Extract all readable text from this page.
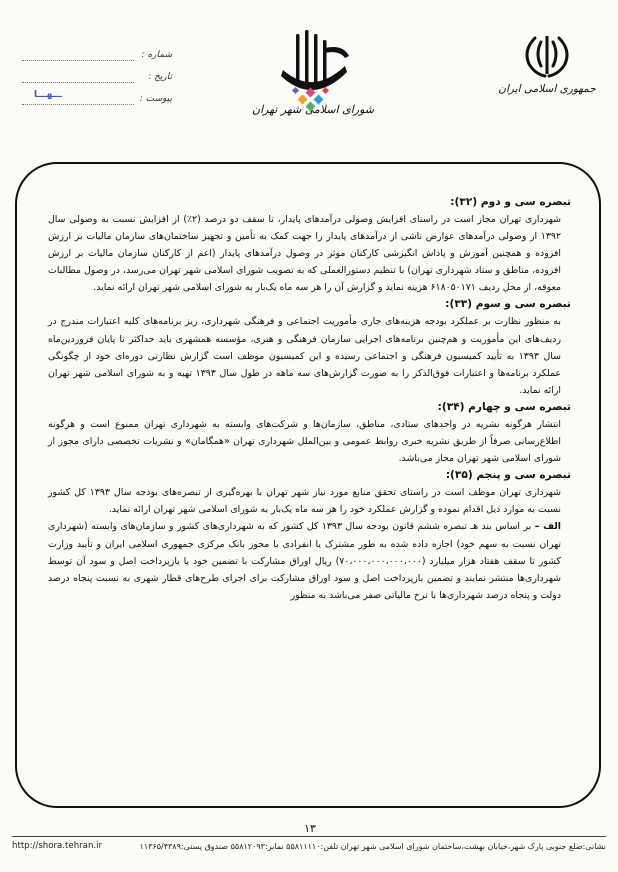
شماره :
تاریخ :
پیوست :
ـــهـــا
شورای اسلامی شهر تهران
جمهوری اسلامی ایران
تبصره سی و دوم (۳۲):

شهرداری تهران مجاز است در راستای افزایش وصولی درآمدهای پایدار، تا سقف دو درصد (۲٪) از افزایش نسبت به وصولی سال ۱۳۹۲ از وصولی درآمدهای عوارض ناشی از درآمدهای پایدار را جهت کمک به تأمین و تجهیز ساختمان‌های سازمان مالیات بر ارزش افزوده و همچنین آموزش و پاداش انگیزشی کارکنان موثر در وصول درآمدهای پایدار (اعم از کارکنان سازمان مالیات بر ارزش افزوده، مناطق و ستاد شهرداری تهران) با تنظیم دستورالعملی که به تصویب شورای اسلامی شهر تهران می‌رسد، در وصول مطالبات معوقه، از محل ردیف ۶۱۸۰۵۰۱۷۱ هزینه نماید و گزارش آن را هر سه ماه یک‌بار به شورای اسلامی شهر تهران ارائه نماید.

تبصره سی و سوم (۳۳):

به منظور نظارت بر عملکرد بودجه هزینه‌های جاری مأموریت اجتماعی و فرهنگی شهرداری، ریز برنامه‌های کلیه اعتبارات مندرج در ردیف‌های این مأموریت و هم‌چنین برنامه‌های اجرایی سازمان فرهنگی و هنری، مؤسسه همشهری باید حداکثر تا پایان فروردین‌ماه سال ۱۳۹۳ به تأیید کمیسیون فرهنگی و اجتماعی رسیده و این کمیسیون موظف است گزارش نظارتی دوره‌ای خود از چگونگی عملکرد برنامه‌ها و اعتبارات فوق‌الذکر را به صورت گزارش‌های سه ماهه در طول سال ۱۳۹۳ تهیه و به شورای اسلامی شهر تهران ارائه نماید.

تبصره سی و چهارم (۳۴):

انتشار هرگونه نشریه در واحدهای ستادی، مناطق، سازمان‌ها و شرکت‌های وابسته به شهرداری تهران ممنوع است و هرگونه اطلاع‌رسانی صرفاً از طریق نشریه خبری روابط عمومی و بین‌الملل شهرداری تهران «همگامان» و نشریات تخصصی دارای مجوز از شورای اسلامی شهر تهران مجاز می‌باشد.

تبصره سی و پنجم (۳۵):

شهرداری تهران موظف است در راستای تحقق منابع مورد نیاز شهر تهران با بهره‌گیری از تبصره‌های بودجه سال ۱۳۹۳ کل کشور نسبت به موارد ذیل اقدام نموده و گزارش عملکرد خود را هر سه ماه یک‌بار به شورای اسلامی شهر تهران ارائه نماید.

الف – بر اساس بند هـ تبصره ششم قانون بودجه سال ۱۳۹۳ کل کشور که به شهرداری‌های کشور و سازمان‌های وابسته (شهرداری تهران نسبت به سهم خود) اجازه داده شده به طور مشترک یا انفرادی با مجوز بانک مرکزی جمهوری اسلامی ایران و تأیید وزارت کشور تا سقف هفتاد هزار میلیارد (۷۰،۰۰۰،۰۰۰،۰۰۰،۰۰۰) ریال اوراق مشارکت با تضمین خود یا بازپرداخت اصل و سود آن توسط شهرداری‌ها منتشر نمایند و تضمین بازپرداخت اصل و سود اوراق مشارکت برای اجرای طرح‌های قطار شهری به نسبت پنجاه درصد دولت و پنجاه درصد شهرداری‌ها با نرخ مالیاتی صفر می‌باشد به منظور

۱۳
http://shora.tehran.ir	نشانی:ضلع جنوبی پارک شهر،خیابان بهشت،ساختمان شورای اسلامی شهر تهران تلفن:۵۵۸۱۱۱۱۰ نمابر:۵۵۸۱۲۰۹۳ صندوق پستی:۱۱۳۶۵/۴۳۸۹
